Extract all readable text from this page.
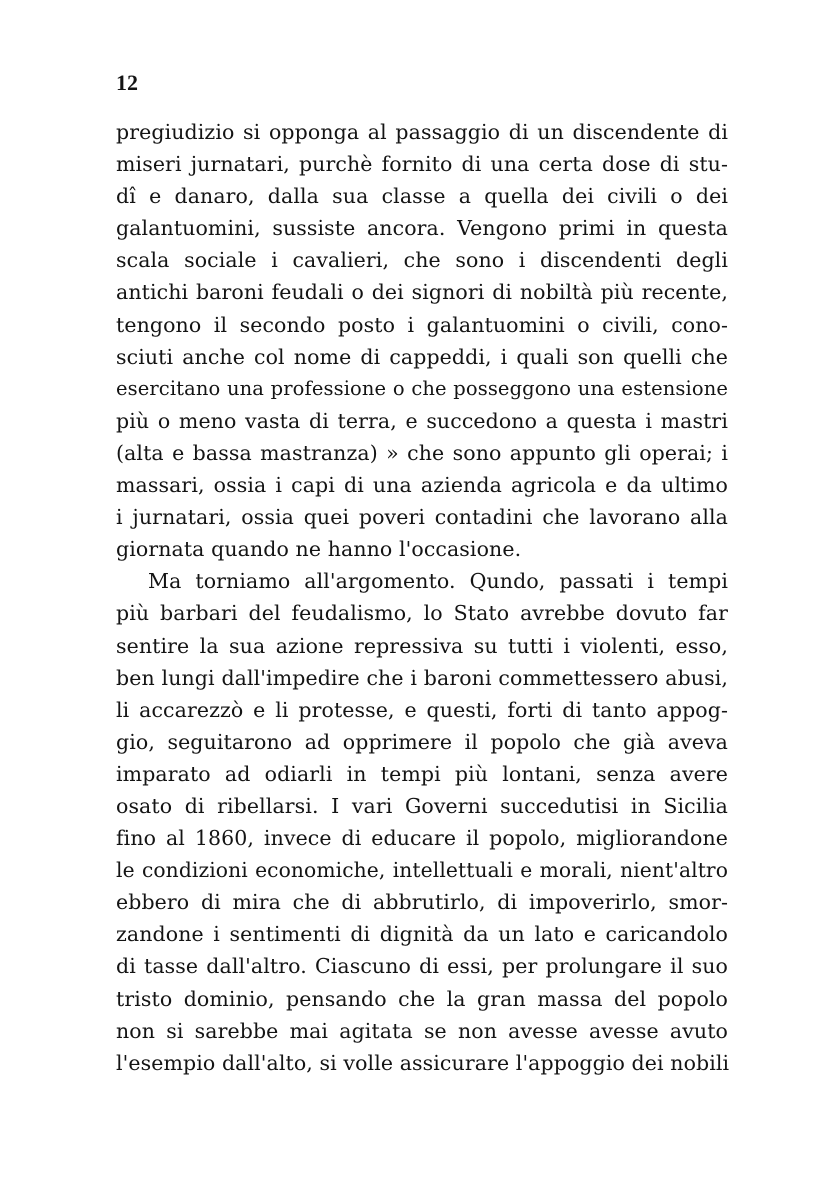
12
pregiudizio si opponga al passaggio di un discendente di
miseri jurnatari, purchè fornito di una certa dose di stu-
dî e danaro, dalla sua classe a quella dei civili o dei
galantuomini, sussiste ancora. Vengono primi in questa
scala sociale i cavalieri, che sono i discendenti degli
antichi baroni feudali o dei signori di nobiltà più recente,
tengono il secondo posto i galantuomini o civili, cono-
sciuti anche col nome di cappeddi, i quali son quelli che
esercitano una professione o che posseggono una estensione
più o meno vasta di terra, e succedono a questa i mastri
(alta e bassa mastranza) » che sono appunto gli operai; i
massari, ossia i capi di una azienda agricola e da ultimo
i jurnatari, ossia quei poveri contadini che lavorano alla
giornata quando ne hanno l'occasione.
Ma torniamo all'argomento. Qundo, passati i tempi
più barbari del feudalismo, lo Stato avrebbe dovuto far
sentire la sua azione repressiva su tutti i violenti, esso,
ben lungi dall'impedire che i baroni commettessero abusi,
li accarezzò e li protesse, e questi, forti di tanto appog-
gio, seguitarono ad opprimere il popolo che già aveva
imparato ad odiarli in tempi più lontani, senza avere
osato di ribellarsi. I vari Governi succedutisi in Sicilia
fino al 1860, invece di educare il popolo, migliorandone
le condizioni economiche, intellettuali e morali, nient'altro
ebbero di mira che di abbrutirlo, di impoverirlo, smor-
zandone i sentimenti di dignità da un lato e caricandolo
di tasse dall'altro. Ciascuno di essi, per prolungare il suo
tristo dominio, pensando che la gran massa del popolo
non si sarebbe mai agitata se non avesse avesse avuto
l'esempio dall'alto, si volle assicurare l'appoggio dei nobili
